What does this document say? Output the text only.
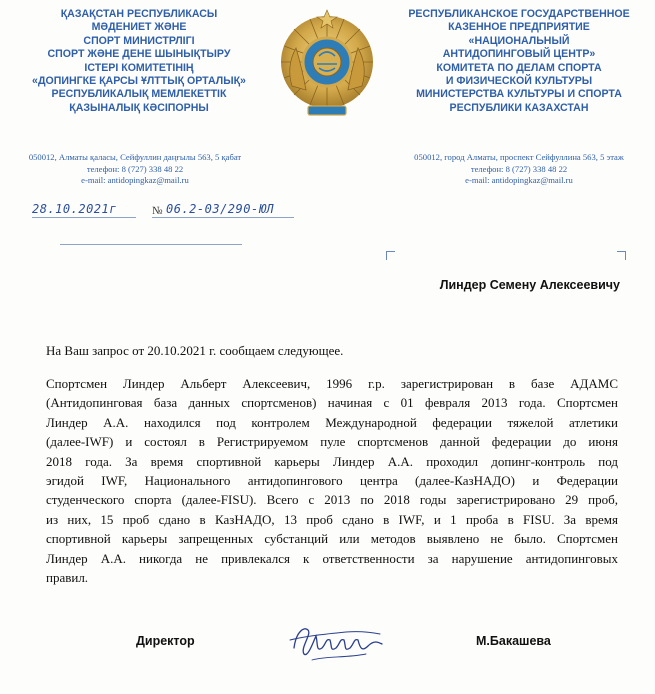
ҚАЗАҚСТАН РЕСПУБЛИКАСЫ
МӘДЕНИЕТ ЖӘНЕ
СПОРТ МИНИСТРЛІГІ
СПОРТ ЖӘНЕ ДЕНЕ ШЫНЫҚТЫРУ
ІСТЕРІ КОМИТЕТІНІҢ
«ДОПИНГКЕ ҚАРСЫ ҰЛТТЫҚ ОРТАЛЫҚ»
РЕСПУБЛИКАЛЫҚ МЕМЛЕКЕТТІК
ҚАЗЫНАЛЫҚ КӘСІПОРНЫ
РЕСПУБЛИКАНСКОЕ ГОСУДАРСТВЕННОЕ
КАЗЕННОЕ ПРЕДПРИЯТИЕ
«НАЦИОНАЛЬНЫЙ
АНТИДОПИНГОВЫЙ ЦЕНТР»
КОМИТЕТА ПО ДЕЛАМ СПОРТА
И ФИЗИЧЕСКОЙ КУЛЬТУРЫ
МИНИСТЕРСТВА КУЛЬТУРЫ И СПОРТА
РЕСПУБЛИКИ КАЗАХСТАН
050012, Алматы қаласы, Сейфуллин даңғылы 563, 5 қабат
телефон: 8 (727) 338 48 22
e-mail: antidopingkaz@mail.ru
050012, город Алматы, проспект Сейфуллина 563, 5 этаж
телефон: 8 (727) 338 48 22
e-mail: antidopingkaz@mail.ru
28.10.2021г	№ 06.2-03/290-ЮЛ
Линдер Семену Алексеевичу
На Ваш запрос от 20.10.2021 г. сообщаем следующее.
Спортсмен Линдер Альберт Алексеевич, 1996 г.р. зарегистрирован в базе АДАМС
(Антидопинговая база данных спортсменов) начиная с 01 февраля 2013 года. Спортсмен
Линдер А.А. находился под контролем Международной федерации тяжелой атлетики
(далее-IWF) и состоял в Регистрируемом пуле спортсменов данной федерации до июня
2018 года. За время спортивной карьеры Линдер А.А. проходил допинг-контроль под
эгидой IWF, Национального антидопингового центра (далее-КазНАДО) и Федерации
студенческого спорта (далее-FISU). Всего с 2013 по 2018 годы зарегистрировано 29 проб,
из них, 15 проб сдано в КазНАДО, 13 проб сдано в IWF, и 1 проба в FISU. За время
спортивной карьеры запрещенных субстанций или методов выявлено не было. Спортсмен
Линдер А.А. никогда не привлекался к ответственности за нарушение антидопинговых
правил.
Директор	М.Бакашева
